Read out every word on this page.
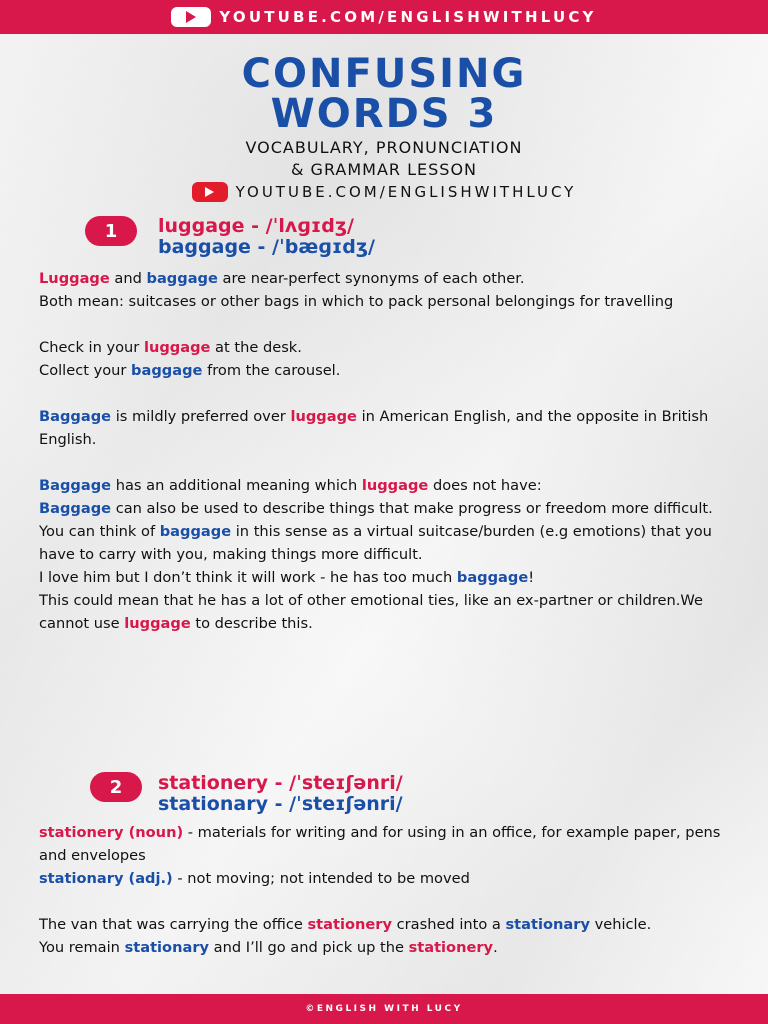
YOUTUBE.COM/ENGLISHWITHLUCY
CONFUSING
WORDS 3
VOCABULARY, PRONUNCIATION
& GRAMMAR LESSON
YOUTUBE.COM/ENGLISHWITHLUCY
1	luggage - /ˈlʌɡɪdʒ/
baggage - /ˈbæɡɪdʒ/

Luggage and baggage are near-perfect synonyms of each other.

Both mean: suitcases or other bags in which to pack personal belongings for travelling

Check in your luggage at the desk.

Collect your baggage from the carousel.

Baggage is mildly preferred over luggage in American English, and the opposite in British English.

Baggage has an additional meaning which luggage does not have:

Baggage can also be used to describe things that make progress or freedom more difficult. You can think of baggage in this sense as a virtual suitcase/burden (e.g emotions) that you have to carry with you, making things more difficult.

I love him but I don’t think it will work - he has too much baggage!

This could mean that he has a lot of other emotional ties, like an ex-partner or children.We cannot use luggage to describe this.

2	stationery - /ˈsteɪʃənri/
stationary - /ˈsteɪʃənri/

stationery (noun) - materials for writing and for using in an office, for example paper, pens and envelopes

stationary (adj.) - not moving; not intended to be moved

The van that was carrying the office stationery crashed into a stationary vehicle.

You remain stationary and I’ll go and pick up the stationery.

©ENGLISH WITH LUCY
